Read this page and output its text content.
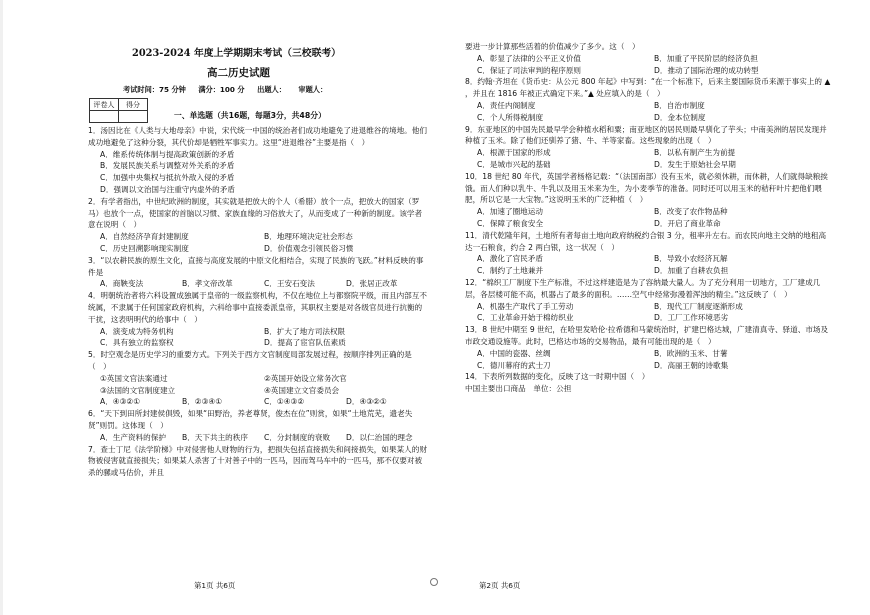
2023-2024 年度上学期期末考试（三校联考）
高二历史试题
考试时间：75 分钟 满分：100 分 出题人： 审题人：
评卷人	得分

一、单选题（共16题，每题3分，共48分）

1．汤因比在《人类与大地母亲》中说，宋代统一中国的统治者们成功地避免了进退维谷的境地。他们成功地避免了这种分裂，其代价却是牺牲军事实力。这里“进退维谷”主要是指（　）

A．维系传统体制与提高政策创新的矛盾
B．发展民族关系与调整对外关系的矛盾
C．加强中央集权与抵抗外敌入侵的矛盾
D．强调以文治国与注重守内虚外的矛盾

2．有学者指出，中世纪欧洲的制度，其实就是把放大的个人（希腊）放个一点，把放大的国家（罗马）也放个一点，使国家的首脑以习惯、家族血缘的习俗放大了，从而变成了一种新的制度。该学者意在说明（　）

A．自然经济孕育封建制度	B．地理环境决定社会形态
C．历史回溯影响现实制度	D．价值观念引领民俗习惯

3．“以农耕民族的原生文化，直接与高度发展的中原文化相结合，实现了民族的飞跃。”材料反映的事件是

A．商鞅变法	B．孝文帝改革	C．王安石变法	D．张居正改革

4．明朝统治者将六科设置成独属于皇帝的一级监察机构，不仅在地位上与都察院平级，而且内部互不统属，不隶属于任何国家政府机构，六科给事中直接委派皇帝，其职权主要是对各级官员进行抗衡的干扰，这表明明代的给事中（　）

A．演变成为特务机构	B．扩大了地方司法权限
C．具有独立的监察权	D．提高了宦官队伍素质

5．时空观念是历史学习的重要方式。下列关于西方文官制度局部发展过程，按顺序排列正确的是（　）

①英国文官法案通过	②英国开始设立常务次官
③法国的文官制度建立	④英国建立文官委员会
A．④③②①	B．②③④①	C．①④③②	D．④③②①

6．“天下到田所封建侯俱毁，如果“田野治，养老尊贤，俊杰在位”则赏，如果“土地荒芜，遗老失贤”则罚。这体现（　）

A．生产资料的保护	B．天下共主的秩序	C．分封制度的衰败	D．以仁治国的理念

7．查士丁尼《法学阶梯》中对侵害他人财物的行为，把损失包括直接损失和间接损失，如果某人的财物被侵害就直接损失；如果某人杀害了十对善子中的一匹马，因而驾马车中的一匹马，那不仅要对被杀的骡或马估价，并且

第1页 共6页

要进一步计算那些活着的价值减少了多少。这（　）

A．彰显了法律的公平正义价值	B．加重了平民阶层的经济负担
C．保证了司法审判的程序原则	D．推动了国际治理的成功转型

8．约翰·齐坦在《货币史：从公元 800 年起》中写到：“在一个标准下，后来主要国际货币来源于事实上的 ▲ ，并且在 1816 年被正式确定下来。”▲ 处应填入的是（　）

A．责任内阁制度	B．自治市制度
C．个人所得税制度	D．金本位制度

9．东亚地区的中国先民最早学会种植水稻和粟；南亚地区的居民则最早驯化了芋头；中南美洲的居民发现并种植了玉米。除了他们还驯养了猪、牛、羊等家畜。这些现象的出现（　）

A．根源于国家的形成	B．以私有制产生为前提
C．是城市兴起的基础	D．发生于原始社会早期

10．18 世纪 80 年代，英国学者杨格记载：“（法国南部）没有玉米，就必须休耕，而休耕，人们就得缺粮挨饿。而人们种以乳牛、牛乳以及用玉米来为生，为小麦季节的准备。同时还可以用玉米的秸秆叶片把他们喂肥，所以它是一大宝物。”这说明玉米的广泛种植（　）

A．加速了圈地运动	B．改变了农作物品种
C．保障了粮食安全	D．开启了商业革命

11．清代乾隆年间，土地所有者每亩土地向政府纳税约合银 3 分，租率升左右。而农民向地主交纳的地租高达一石粮食，约合 2 两白银，这一状况（　）

A．激化了官民矛盾	B．导致小农经济瓦解
C．制约了土地兼并	D．加重了自耕农负担

12．“棉织工厂制度下生产标准，不过这样建造是为了容纳最大量人。为了充分利用一切地方，工厂建成几层，各层楼可能不高，机器占了最多的面积。……空气中经常弥漫着浑浊的精尘。”这反映了（　）

A．机器生产取代了手工劳动	B．现代工厂制度逐渐形成
C．工业革命开始于棉纺织业	D．工厂工作环境恶劣

13．8 世纪中期至 9 世纪，在哈里发哈伦·拉希德和马蒙统治时，扩建巴格达城，广建清真寺、驿道、市场及市政交通设施等。此时，巴格达市场的交易物品，最有可能出现的是（　）

A．中国的瓷器、丝绸	B．欧洲的玉米、甘薯
C．德川幕府的武士刀	D．高丽王朝的诗歌集

14．下表所列数据的变化，反映了这一时期中国（　）

中国主要出口商品　单位：公担

第2页 共6页
